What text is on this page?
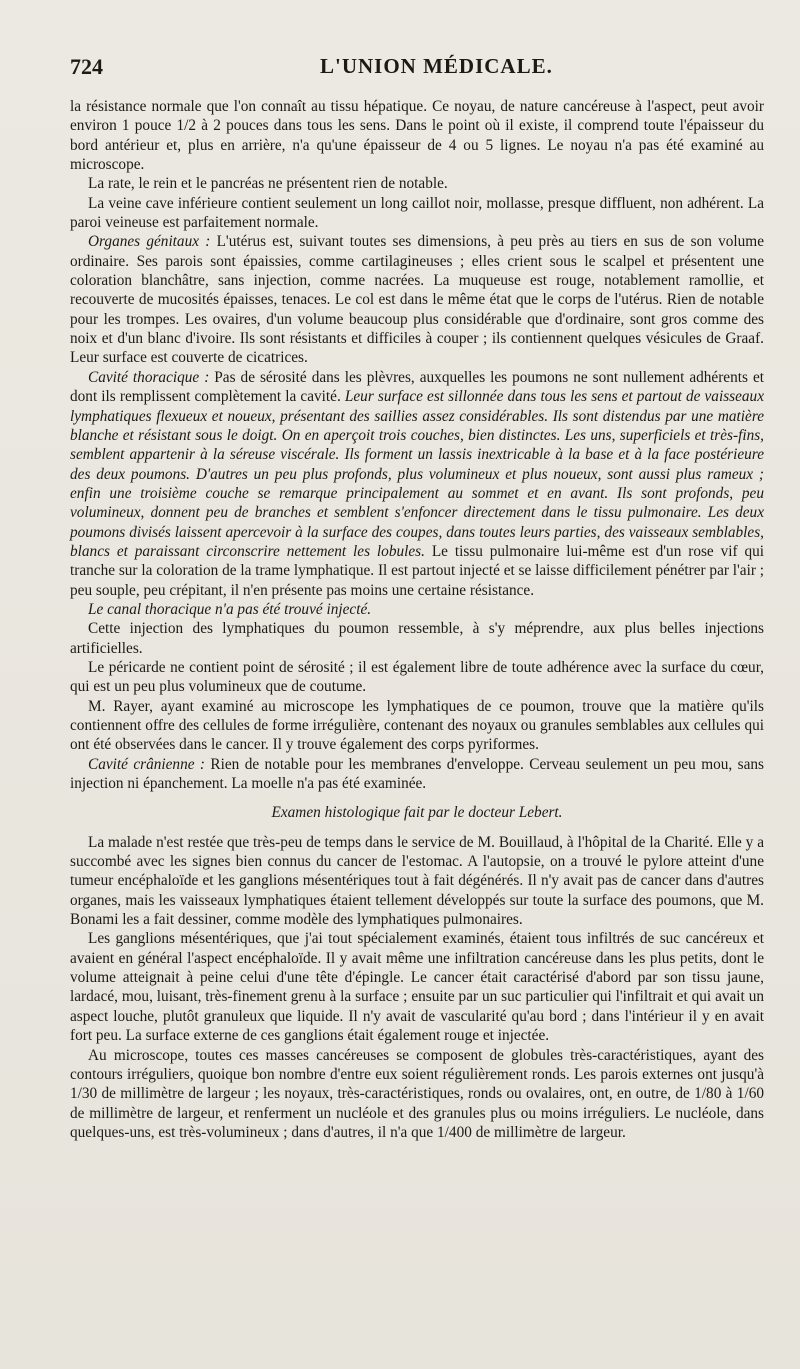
724	L'UNION MÉDICALE.

la résistance normale que l'on connaît au tissu hépatique. Ce noyau, de nature cancéreuse à l'aspect, peut avoir environ 1 pouce 1/2 à 2 pouces dans tous les sens. Dans le point où il existe, il comprend toute l'épaisseur du bord antérieur et, plus en arrière, n'a qu'une épaisseur de 4 ou 5 lignes. Le noyau n'a pas été examiné au microscope.

La rate, le rein et le pancréas ne présentent rien de notable.

La veine cave inférieure contient seulement un long caillot noir, mollasse, presque diffluent, non adhérent. La paroi veineuse est parfaitement normale.

Organes génitaux : L'utérus est, suivant toutes ses dimensions, à peu près au tiers en sus de son volume ordinaire. Ses parois sont épaissies, comme cartilagineuses ; elles crient sous le scalpel et présentent une coloration blanchâtre, sans injection, comme nacrées. La muqueuse est rouge, notablement ramollie, et recouverte de mucosités épaisses, tenaces. Le col est dans le même état que le corps de l'utérus. Rien de notable pour les trompes. Les ovaires, d'un volume beaucoup plus considérable que d'ordinaire, sont gros comme des noix et d'un blanc d'ivoire. Ils sont résistants et difficiles à couper ; ils contiennent quelques vésicules de Graaf. Leur surface est couverte de cicatrices.

Cavité thoracique : Pas de sérosité dans les plèvres, auxquelles les poumons ne sont nullement adhérents et dont ils remplissent complètement la cavité. Leur surface est sillonnée dans tous les sens et partout de vaisseaux lymphatiques flexueux et noueux, présentant des saillies assez considérables. Ils sont distendus par une matière blanche et résistant sous le doigt. On en aperçoit trois couches, bien distinctes. Les uns, superficiels et très-fins, semblent appartenir à la séreuse viscérale. Ils forment un lassis inextricable à la base et à la face postérieure des deux poumons. D'autres un peu plus profonds, plus volumineux et plus noueux, sont aussi plus rameux ; enfin une troisième couche se remarque principalement au sommet et en avant. Ils sont profonds, peu volumineux, donnent peu de branches et semblent s'enfoncer directement dans le tissu pulmonaire. Les deux poumons divisés laissent apercevoir à la surface des coupes, dans toutes leurs parties, des vaisseaux semblables, blancs et paraissant circonscrire nettement les lobules. Le tissu pulmonaire lui-même est d'un rose vif qui tranche sur la coloration de la trame lymphatique. Il est partout injecté et se laisse difficilement pénétrer par l'air ; peu souple, peu crépitant, il n'en présente pas moins une certaine résistance.

Le canal thoracique n'a pas été trouvé injecté.

Cette injection des lymphatiques du poumon ressemble, à s'y méprendre, aux plus belles injections artificielles.

Le péricarde ne contient point de sérosité ; il est également libre de toute adhérence avec la surface du cœur, qui est un peu plus volumineux que de coutume.

M. Rayer, ayant examiné au microscope les lymphatiques de ce poumon, trouve que la matière qu'ils contiennent offre des cellules de forme irrégulière, contenant des noyaux ou granules semblables aux cellules qui ont été observées dans le cancer. Il y trouve également des corps pyriformes.

Cavité crânienne : Rien de notable pour les membranes d'enveloppe. Cerveau seulement un peu mou, sans injection ni épanchement. La moelle n'a pas été examinée.

Examen histologique fait par le docteur Lebert.

La malade n'est restée que très-peu de temps dans le service de M. Bouillaud, à l'hôpital de la Charité. Elle y a succombé avec les signes bien connus du cancer de l'estomac. A l'autopsie, on a trouvé le pylore atteint d'une tumeur encéphaloïde et les ganglions mésentériques tout à fait dégénérés. Il n'y avait pas de cancer dans d'autres organes, mais les vaisseaux lymphatiques étaient tellement développés sur toute la surface des poumons, que M. Bonami les a fait dessiner, comme modèle des lymphatiques pulmonaires.

Les ganglions mésentériques, que j'ai tout spécialement examinés, étaient tous infiltrés de suc cancéreux et avaient en général l'aspect encéphaloïde. Il y avait même une infiltration cancéreuse dans les plus petits, dont le volume atteignait à peine celui d'une tête d'épingle. Le cancer était caractérisé d'abord par son tissu jaune, lardacé, mou, luisant, très-finement grenu à la surface ; ensuite par un suc particulier qui l'infiltrait et qui avait un aspect louche, plutôt granuleux que liquide. Il n'y avait de vascularité qu'au bord ; dans l'intérieur il y en avait fort peu. La surface externe de ces ganglions était également rouge et injectée.

Au microscope, toutes ces masses cancéreuses se composent de globules très-caractéristiques, ayant des contours irréguliers, quoique bon nombre d'entre eux soient régulièrement ronds. Les parois externes ont jusqu'à 1/30 de millimètre de largeur ; les noyaux, très-caractéristiques, ronds ou ovalaires, ont, en outre, de 1/80 à 1/60 de millimètre de largeur, et renferment un nucléole et des granules plus ou moins irréguliers. Le nucléole, dans quelques-uns, est très-volumineux ; dans d'autres, il n'a que 1/400 de millimètre de largeur.
